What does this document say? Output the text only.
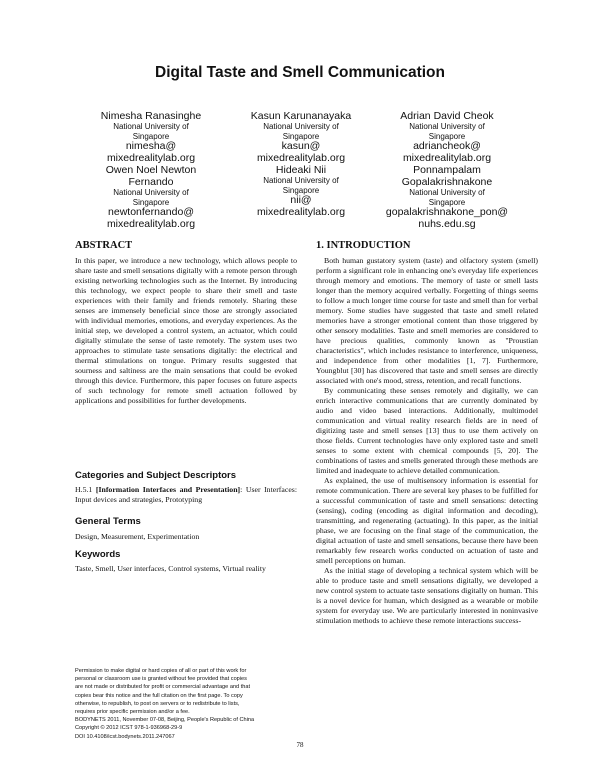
Digital Taste and Smell Communication
Nimesha Ranasinghe
National University of
Singapore
nimesha@
mixedrealitylab.org
Kasun Karunanayaka
National University of
Singapore
kasun@
mixedrealitylab.org
Adrian David Cheok
National University of
Singapore
adriancheok@
mixedrealitylab.org
Owen Noel Newton
Fernando
National University of
Singapore
newtonfernando@
mixedrealitylab.org
Hideaki Nii
National University of
Singapore
nii@
mixedrealitylab.org
Ponnampalam
Gopalakrishnakone
National University of
Singapore
gopalakrishnakone_pon@
nuhs.edu.sg
ABSTRACT

In this paper, we introduce a new technology, which allows people to share taste and smell sensations digitally with a remote person through existing networking technologies such as the Internet. By introducing this technology, we expect people to share their smell and taste experiences with their family and friends remotely. Sharing these senses are immensely beneficial since those are strongly associated with individual memories, emotions, and everyday experiences. As the initial step, we developed a control system, an actuator, which could digitally stimulate the sense of taste remotely. The system uses two approaches to stimulate taste sensations digitally: the electrical and thermal stimulations on tongue. Primary results suggested that sourness and saltiness are the main sensations that could be evoked through this device. Furthermore, this paper focuses on future aspects of such technology for remote smell actuation followed by applications and possibilities for further developments.

Categories and Subject Descriptors

H.5.1 [Information Interfaces and Presentation]: User Interfaces: Input devices and strategies, Prototyping

General Terms

Design, Measurement, Experimentation

Keywords

Taste, Smell, User interfaces, Control systems, Virtual reality

Permission to make digital or hard copies of all or part of this work for
personal or classroom use is granted without fee provided that copies
are not made or distributed for profit or commercial advantage and that
copies bear this notice and the full citation on the first page. To copy
otherwise, to republish, to post on servers or to redistribute to lists,
requires prior specific permission and/or a fee.
BODYNETS 2011, November 07-08, Beijing, People's Republic of China
Copyright © 2012 ICST 978-1-936968-29-9
DOI 10.4108/icst.bodynets.2011.247067
1. INTRODUCTION

Both human gustatory system (taste) and olfactory system (smell) perform a significant role in enhancing one's everyday life experiences through memory and emotions. The memory of taste or smell lasts longer than the memory acquired verbally. Forgetting of things seems to follow a much longer time course for taste and smell than for verbal memory. Some studies have suggested that taste and smell related memories have a stronger emotional content than those triggered by other sensory modalities. Taste and smell memories are considered to have precious qualities, commonly known as "Proustian characteristics", which includes resistance to interference, uniqueness, and independence from other modalities [1, 7]. Furthermore, Youngblut [30] has discovered that taste and smell senses are directly associated with one's mood, stress, retention, and recall functions.

By communicating these senses remotely and digitally, we can enrich interactive communications that are currently dominated by audio and video based interactions. Additionally, multimodel communication and virtual reality research fields are in need of digitizing taste and smell senses [13] thus to use them actively on those fields. Current technologies have only explored taste and smell senses to some extent with chemical compounds [5, 20]. The combinations of tastes and smells generated through these methods are limited and inadequate to achieve detailed communication.

As explained, the use of multisensory information is essential for remote communication. There are several key phases to be fulfilled for a successful communication of taste and smell sensations: detecting (sensing), coding (encoding as digital information and decoding), transmitting, and regenerating (actuating). In this paper, as the initial phase, we are focusing on the final stage of the communication, the digital actuation of taste and smell sensations, because there have been remarkably few research works conducted on actuation of taste and smell perceptions on human.

As the initial stage of developing a technical system which will be able to produce taste and smell sensations digitally, we developed a new control system to actuate taste sensations digitally on human. This is a novel device for human, which designed as a wearable or mobile system for everyday use. We are particularly interested in noninvasive stimulation methods to achieve these remote interactions success-

78
